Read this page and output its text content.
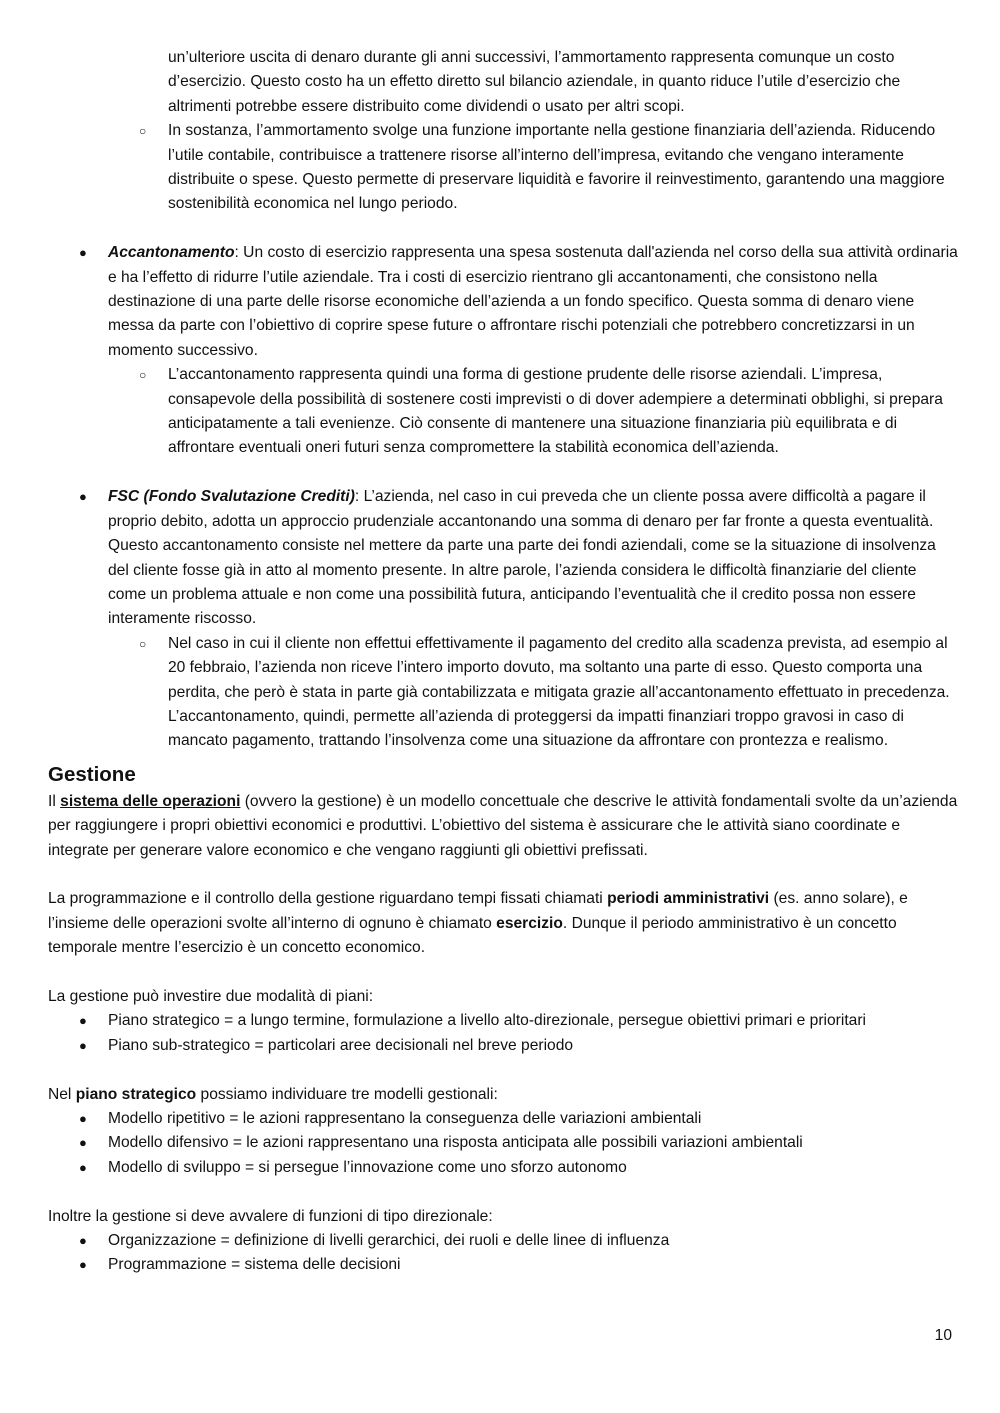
un’ulteriore uscita di denaro durante gli anni successivi, l’ammortamento rappresenta comunque un costo d’esercizio. Questo costo ha un effetto diretto sul bilancio aziendale, in quanto riduce l’utile d’esercizio che altrimenti potrebbe essere distribuito come dividendi o usato per altri scopi.

○ In sostanza, l’ammortamento svolge una funzione importante nella gestione finanziaria dell’azienda. Riducendo l’utile contabile, contribuisce a trattenere risorse all’interno dell’impresa, evitando che vengano interamente distribuite o spese. Questo permette di preservare liquidità e favorire il reinvestimento, garantendo una maggiore sostenibilità economica nel lungo periodo.
● Accantonamento: Un costo di esercizio rappresenta una spesa sostenuta dall'azienda nel corso della sua attività ordinaria e ha l’effetto di ridurre l’utile aziendale. Tra i costi di esercizio rientrano gli accantonamenti, che consistono nella destinazione di una parte delle risorse economiche dell’azienda a un fondo specifico. Questa somma di denaro viene messa da parte con l’obiettivo di coprire spese future o affrontare rischi potenziali che potrebbero concretizzarsi in un momento successivo.
○ L’accantonamento rappresenta quindi una forma di gestione prudente delle risorse aziendali. L’impresa, consapevole della possibilità di sostenere costi imprevisti o di dover adempiere a determinati obblighi, si prepara anticipatamente a tali evenienze. Ciò consente di mantenere una situazione finanziaria più equilibrata e di affrontare eventuali oneri futuri senza compromettere la stabilità economica dell’azienda.
● FSC (Fondo Svalutazione Crediti): L’azienda, nel caso in cui preveda che un cliente possa avere difficoltà a pagare il proprio debito, adotta un approccio prudenziale accantonando una somma di denaro per far fronte a questa eventualità. Questo accantonamento consiste nel mettere da parte una parte dei fondi aziendali, come se la situazione di insolvenza del cliente fosse già in atto al momento presente. In altre parole, l’azienda considera le difficoltà finanziarie del cliente come un problema attuale e non come una possibilità futura, anticipando l’eventualità che il credito possa non essere interamente riscosso.
○ Nel caso in cui il cliente non effettui effettivamente il pagamento del credito alla scadenza prevista, ad esempio al 20 febbraio, l’azienda non riceve l’intero importo dovuto, ma soltanto una parte di esso. Questo comporta una perdita, che però è stata in parte già contabilizzata e mitigata grazie all’accantonamento effettuato in precedenza. L’accantonamento, quindi, permette all’azienda di proteggersi da impatti finanziari troppo gravosi in caso di mancato pagamento, trattando l’insolvenza come una situazione da affrontare con prontezza e realismo.
Gestione

Il sistema delle operazioni (ovvero la gestione) è un modello concettuale che descrive le attività fondamentali svolte da un’azienda per raggiungere i propri obiettivi economici e produttivi. L’obiettivo del sistema è assicurare che le attività siano coordinate e integrate per generare valore economico e che vengano raggiunti gli obiettivi prefissati.

La programmazione e il controllo della gestione riguardano tempi fissati chiamati periodi amministrativi (es. anno solare), e l’insieme delle operazioni svolte all’interno di ognuno è chiamato esercizio. Dunque il periodo amministrativo è un concetto temporale mentre l’esercizio è un concetto economico.

La gestione può investire due modalità di piani:

● Piano strategico = a lungo termine, formulazione a livello alto-direzionale, persegue obiettivi primari e prioritari
● Piano sub-strategico = particolari aree decisionali nel breve periodo

Nel piano strategico possiamo individuare tre modelli gestionali:

● Modello ripetitivo = le azioni rappresentano la conseguenza delle variazioni ambientali
● Modello difensivo = le azioni rappresentano una risposta anticipata alle possibili variazioni ambientali
● Modello di sviluppo = si persegue l’innovazione come uno sforzo autonomo

Inoltre la gestione si deve avvalere di funzioni di tipo direzionale:

● Organizzazione = definizione di livelli gerarchici, dei ruoli e delle linee di influenza
● Programmazione = sistema delle decisioni
10
